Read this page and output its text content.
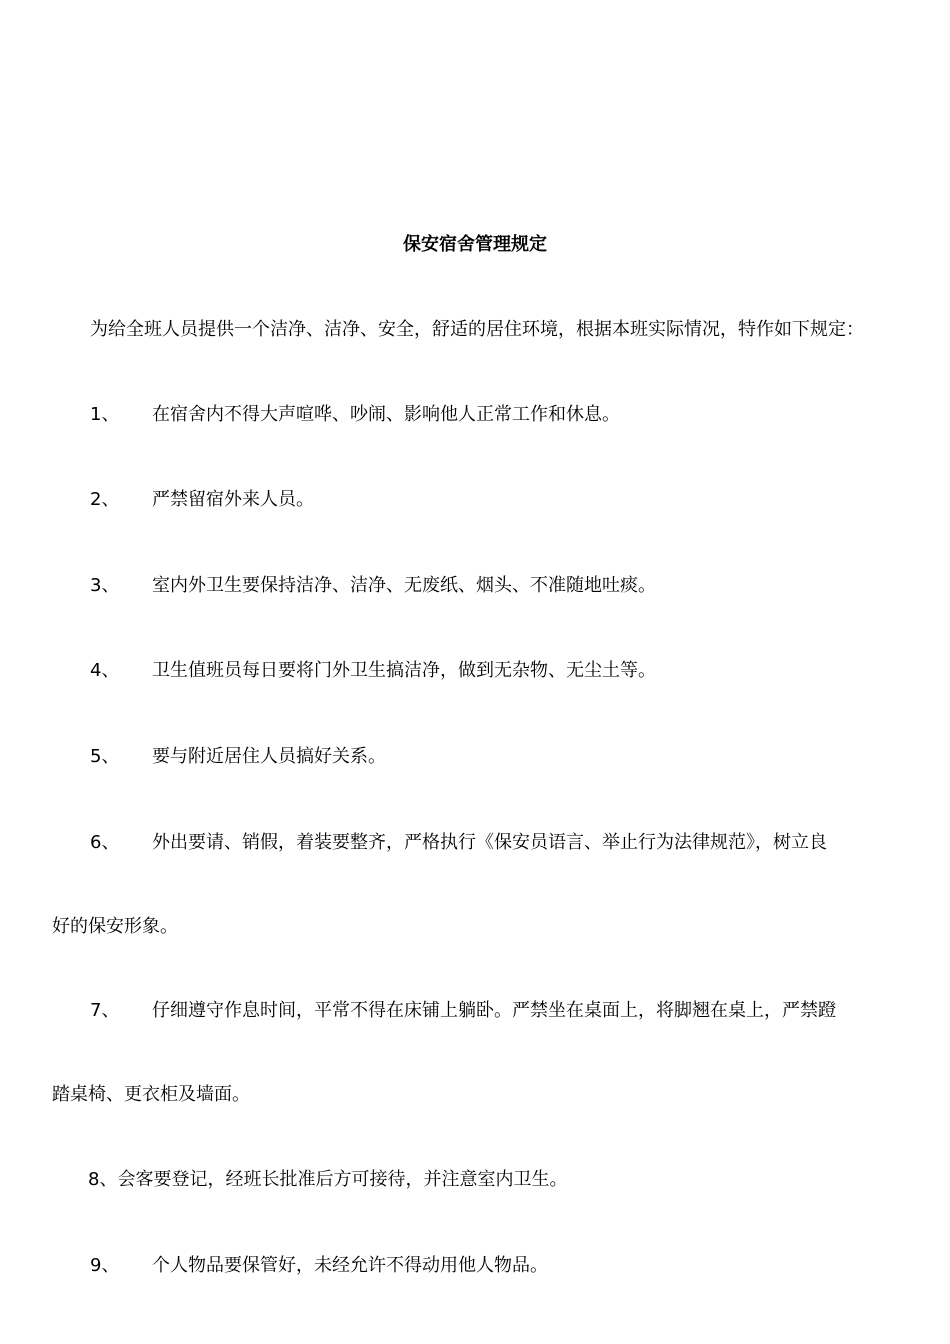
保安宿舍管理规定
为给全班人员提供一个洁净、洁净、安全，舒适的居住环境，根据本班实际情况，特作如下规定：
1、 在宿舍内不得大声喧哗、吵闹、影响他人正常工作和休息。
2、 严禁留宿外来人员。
3、 室内外卫生要保持洁净、洁净、无废纸、烟头、不准随地吐痰。
4、 卫生值班员每日要将门外卫生搞洁净，做到无杂物、无尘土等。
5、 要与附近居住人员搞好关系。
6、 外出要请、销假，着装要整齐，严格执行《保安员语言、举止行为法律规范》，树立良
好的保安形象。
7、 仔细遵守作息时间，平常不得在床铺上躺卧。严禁坐在桌面上，将脚翘在桌上，严禁蹬
踏桌椅、更衣柜及墙面。
8、会客要登记，经班长批准后方可接待，并注意室内卫生。
9、 个人物品要保管好，未经允许不得动用他人物品。
